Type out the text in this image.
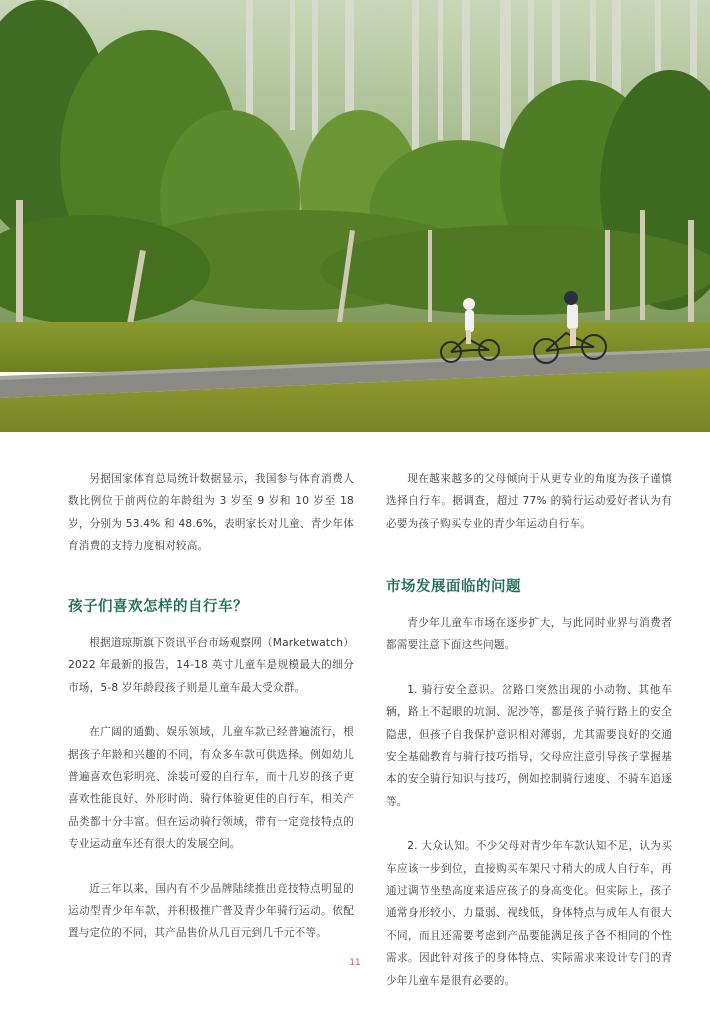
另据国家体育总局统计数据显示，我国参与体育消费人数比例位于前两位的年龄组为 3 岁至 9 岁和 10 岁至 18 岁，分别为 53.4% 和 48.6%，表明家长对儿童、青少年体育消费的支持力度相对较高。

孩子们喜欢怎样的自行车？

根据道琼斯旗下资讯平台市场观察网（Marketwatch）2022 年最新的报告，14-18 英寸儿童车是规模最大的细分市场，5-8 岁年龄段孩子则是儿童车最大受众群。

在广阔的通勤、娱乐领域，儿童车款已经普遍流行，根据孩子年龄和兴趣的不同，有众多车款可供选择。例如幼儿普遍喜欢色彩明亮、涂装可爱的自行车，而十几岁的孩子更喜欢性能良好、外形时尚、骑行体验更佳的自行车，相关产品类都十分丰富。但在运动骑行领域，带有一定竞技特点的专业运动童车还有很大的发展空间。

近三年以来，国内有不少品牌陆续推出竞技特点明显的运动型青少年车款，并积极推广普及青少年骑行运动。依配置与定位的不同，其产品售价从几百元到几千元不等。

现在越来越多的父母倾向于从更专业的角度为孩子谨慎选择自行车。据调查，超过 77% 的骑行运动爱好者认为有必要为孩子购买专业的青少年运动自行车。

市场发展面临的问题

青少年儿童车市场在逐步扩大，与此同时业界与消费者都需要注意下面这些问题。

1. 骑行安全意识。岔路口突然出现的小动物、其他车辆，路上不起眼的坑洞、泥沙等，都是孩子骑行路上的安全隐患，但孩子自我保护意识相对薄弱，尤其需要良好的交通安全基础教育与骑行技巧指导，父母应注意引导孩子掌握基本的安全骑行知识与技巧，例如控制骑行速度、不骑车追逐等。

2. 大众认知。不少父母对青少年车款认知不足，认为买车应该一步到位，直接购买车架尺寸稍大的成人自行车，再通过调节坐垫高度来适应孩子的身高变化。但实际上，孩子通常身形较小、力量弱、视线低，身体特点与成年人有很大不同，而且还需要考虑到产品要能满足孩子各不相同的个性需求。因此针对孩子的身体特点、实际需求来设计专门的青少年儿童车是很有必要的。

11
